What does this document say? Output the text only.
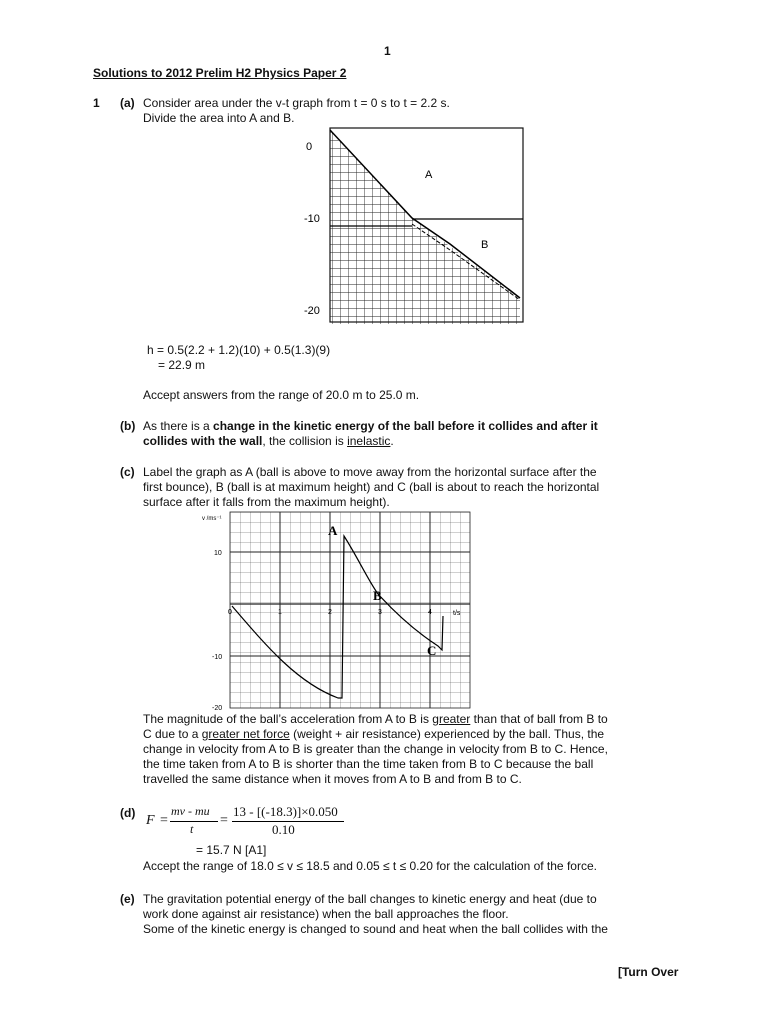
1
Solutions to 2012 Prelim H2 Physics Paper 2
1 (a) Consider area under the v-t graph from t = 0 s to t = 2.2 s.
Divide the area into A and B.
0
-10
-20
A
B
h = 0.5(2.2 + 1.2)(10) + 0.5(1.3)(9)
= 22.9 m
Accept answers from the range of 20.0 m to 25.0 m.
(b) As there is a change in the kinetic energy of the ball before it collides and after it
collides with the wall, the collision is inelastic.
(c) Label the graph as A (ball is above to move away from the horizontal surface after the
first bounce), B (ball is at maximum height) and C (ball is about to reach the horizontal
surface after it falls from the maximum height).
v /ms⁻¹
t/s
10
-10
-20
0	1	2	3	4
A
B
C
The magnitude of the ball’s acceleration from A to B is greater than that of ball from B to
C due to a greater net force (weight + air resistance) experienced by the ball. Thus, the
change in velocity from A to B is greater than the change in velocity from B to C. Hence,
the time taken from A to B is shorter than the time taken from B to C because the ball
travelled the same distance when it moves from A to B and from B to C.
(d) F =
mv - mu
t
=
13 - [(-18.3)]×0.050
0.10
= 15.7 N [A1]
Accept the range of 18.0 ≤ v ≤ 18.5 and 0.05 ≤ t ≤ 0.20 for the calculation of the force.
(e) The gravitation potential energy of the ball changes to kinetic energy and heat (due to
work done against air resistance) when the ball approaches the floor.
Some of the kinetic energy is changed to sound and heat when the ball collides with the
[Turn Over
